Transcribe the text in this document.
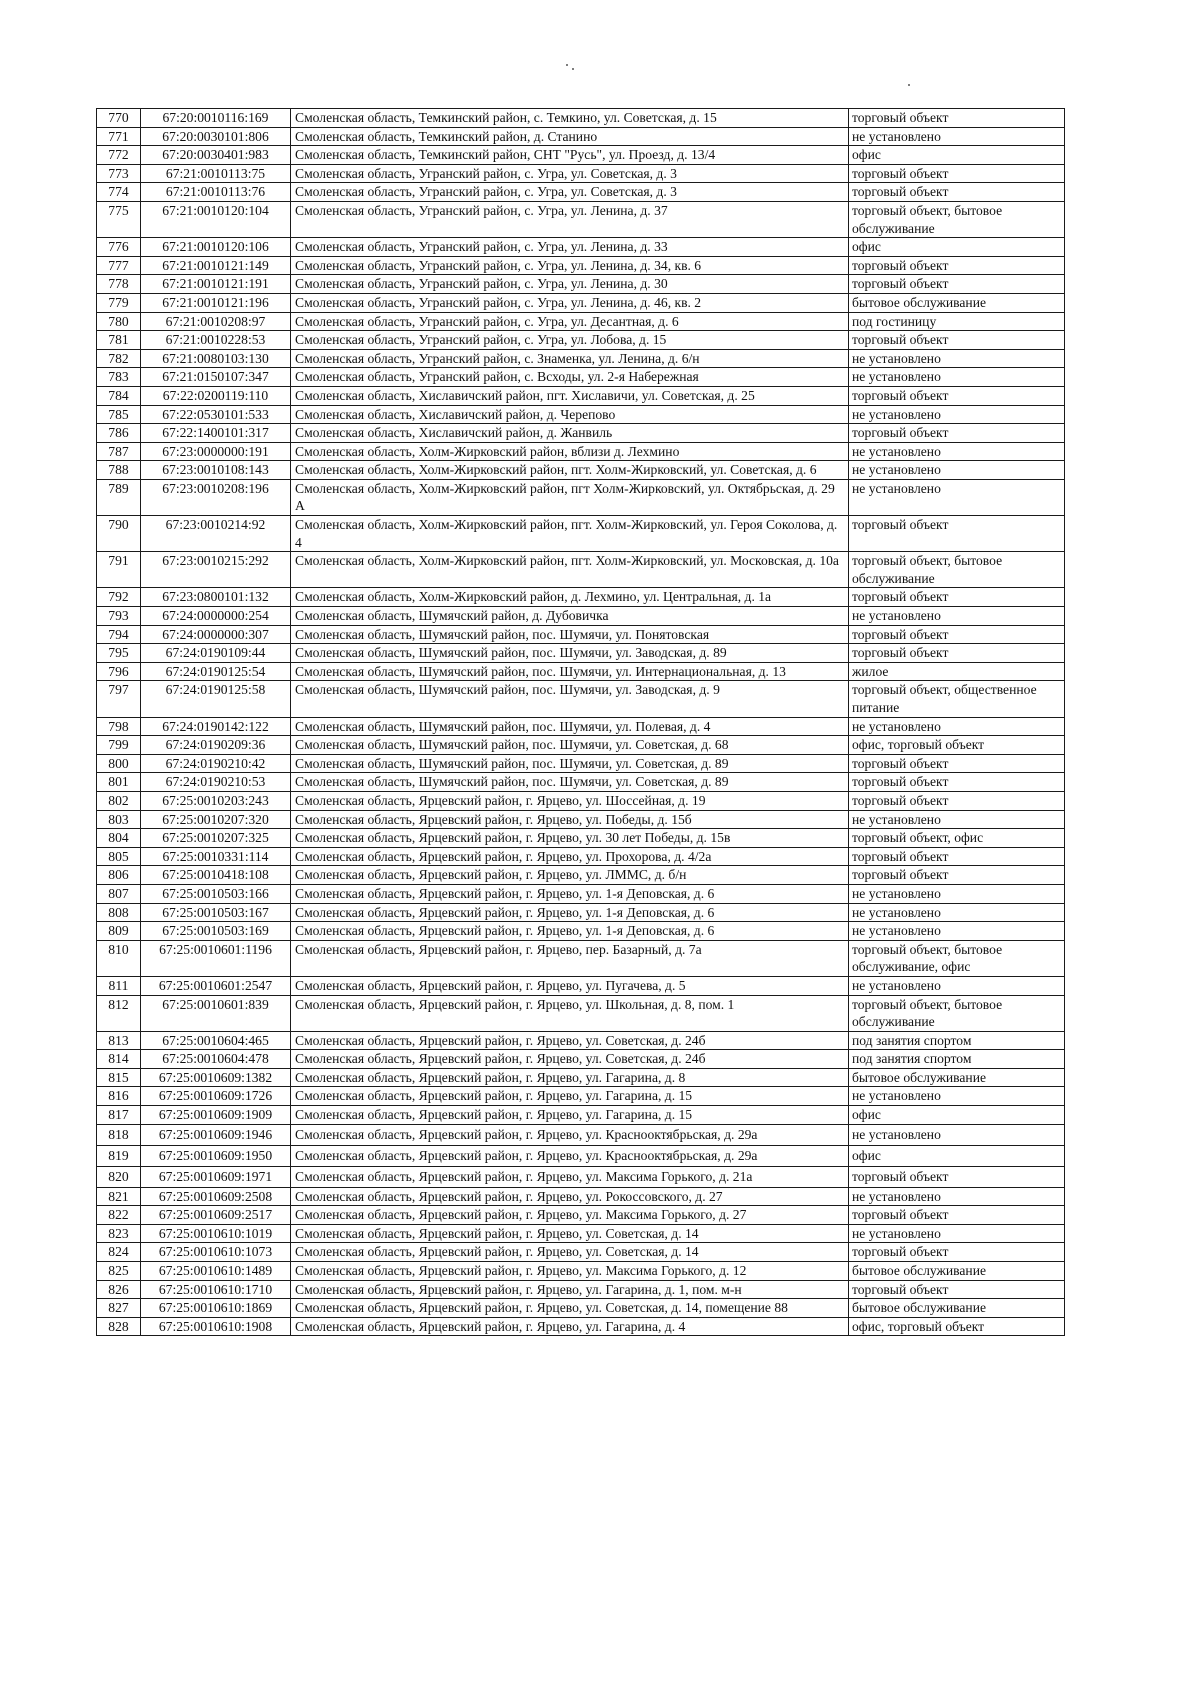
770	67:20:0010116:169	Смоленская область, Темкинский район, с. Темкино, ул. Советская, д. 15	торговый объект
771	67:20:0030101:806	Смоленская область, Темкинский район, д. Станино	не установлено
772	67:20:0030401:983	Смоленская область, Темкинский район, СНТ "Русь", ул. Проезд, д. 13/4	офис
773	67:21:0010113:75	Смоленская область, Угранский район, с. Угра, ул. Советская, д. 3	торговый объект
774	67:21:0010113:76	Смоленская область, Угранский район, с. Угра, ул. Советская, д. 3	торговый объект
775	67:21:0010120:104	Смоленская область, Угранский район, с. Угра, ул. Ленина, д. 37	торговый объект, бытовое обслуживание
776	67:21:0010120:106	Смоленская область, Угранский район, с. Угра, ул. Ленина, д. 33	офис
777	67:21:0010121:149	Смоленская область, Угранский район, с. Угра, ул. Ленина, д. 34, кв. 6	торговый объект
778	67:21:0010121:191	Смоленская область, Угранский район, с. Угра, ул. Ленина, д. 30	торговый объект
779	67:21:0010121:196	Смоленская область, Угранский район, с. Угра, ул. Ленина, д. 46, кв. 2	бытовое обслуживание
780	67:21:0010208:97	Смоленская область, Угранский район, с. Угра, ул. Десантная, д. 6	под гостиницу
781	67:21:0010228:53	Смоленская область, Угранский район, с. Угра, ул. Лобова, д. 15	торговый объект
782	67:21:0080103:130	Смоленская область, Угранский район, с. Знаменка, ул. Ленина, д. 6/н	не установлено
783	67:21:0150107:347	Смоленская область, Угранский район, с. Всходы, ул. 2-я Набережная	не установлено
784	67:22:0200119:110	Смоленская область, Хиславичский район, пгт. Хиславичи, ул. Советская, д. 25	торговый объект
785	67:22:0530101:533	Смоленская область, Хиславичский район, д. Черепово	не установлено
786	67:22:1400101:317	Смоленская область, Хиславичский район, д. Жанвиль	торговый объект
787	67:23:0000000:191	Смоленская область, Холм-Жирковский район, вблизи д. Лехмино	не установлено
788	67:23:0010108:143	Смоленская область, Холм-Жирковский район, пгт. Холм-Жирковский, ул. Советская, д. 6	не установлено
789	67:23:0010208:196	Смоленская область, Холм-Жирковский район, пгт Холм-Жирковский, ул. Октябрьская, д. 29 А	не установлено
790	67:23:0010214:92	Смоленская область, Холм-Жирковский район, пгт. Холм-Жирковский, ул. Героя Соколова, д. 4	торговый объект
791	67:23:0010215:292	Смоленская область, Холм-Жирковский район, пгт. Холм-Жирковский, ул. Московская, д. 10а	торговый объект, бытовое обслуживание
792	67:23:0800101:132	Смоленская область, Холм-Жирковский район, д. Лехмино, ул. Центральная, д. 1а	торговый объект
793	67:24:0000000:254	Смоленская область, Шумячский район, д. Дубовичка	не установлено
794	67:24:0000000:307	Смоленская область, Шумячский район, пос. Шумячи, ул. Понятовская	торговый объект
795	67:24:0190109:44	Смоленская область, Шумячский район, пос. Шумячи, ул. Заводская, д. 89	торговый объект
796	67:24:0190125:54	Смоленская область, Шумячский район, пос. Шумячи, ул. Интернациональная, д. 13	жилое
797	67:24:0190125:58	Смоленская область, Шумячский район, пос. Шумячи, ул. Заводская, д. 9	торговый объект, общественное питание
798	67:24:0190142:122	Смоленская область, Шумячский район, пос. Шумячи, ул. Полевая, д. 4	не установлено
799	67:24:0190209:36	Смоленская область, Шумячский район, пос. Шумячи, ул. Советская, д. 68	офис, торговый объект
800	67:24:0190210:42	Смоленская область, Шумячский район, пос. Шумячи, ул. Советская, д. 89	торговый объект
801	67:24:0190210:53	Смоленская область, Шумячский район, пос. Шумячи, ул. Советская, д. 89	торговый объект
802	67:25:0010203:243	Смоленская область, Ярцевский район, г. Ярцево, ул. Шоссейная, д. 19	торговый объект
803	67:25:0010207:320	Смоленская область, Ярцевский район, г. Ярцево, ул. Победы, д. 15б	не установлено
804	67:25:0010207:325	Смоленская область, Ярцевский район, г. Ярцево, ул. 30 лет Победы, д. 15в	торговый объект, офис
805	67:25:0010331:114	Смоленская область, Ярцевский район, г. Ярцево, ул. Прохорова, д. 4/2а	торговый объект
806	67:25:0010418:108	Смоленская область, Ярцевский район, г. Ярцево, ул. ЛММС, д. б/н	торговый объект
807	67:25:0010503:166	Смоленская область, Ярцевский район, г. Ярцево, ул. 1-я Деповская, д. 6	не установлено
808	67:25:0010503:167	Смоленская область, Ярцевский район, г. Ярцево, ул. 1-я Деповская, д. 6	не установлено
809	67:25:0010503:169	Смоленская область, Ярцевский район, г. Ярцево, ул. 1-я Деповская, д. 6	не установлено
810	67:25:0010601:1196	Смоленская область, Ярцевский район, г. Ярцево, пер. Базарный, д. 7а	торговый объект, бытовое обслуживание, офис
811	67:25:0010601:2547	Смоленская область, Ярцевский район, г. Ярцево, ул. Пугачева, д. 5	не установлено
812	67:25:0010601:839	Смоленская область, Ярцевский район, г. Ярцево, ул. Школьная, д. 8, пом. 1	торговый объект, бытовое обслуживание
813	67:25:0010604:465	Смоленская область, Ярцевский район, г. Ярцево, ул. Советская, д. 24б	под занятия спортом
814	67:25:0010604:478	Смоленская область, Ярцевский район, г. Ярцево, ул. Советская, д. 24б	под занятия спортом
815	67:25:0010609:1382	Смоленская область, Ярцевский район, г. Ярцево, ул. Гагарина, д. 8	бытовое обслуживание
816	67:25:0010609:1726	Смоленская область, Ярцевский район, г. Ярцево, ул. Гагарина, д. 15	не установлено
817	67:25:0010609:1909	Смоленская область, Ярцевский район, г. Ярцево, ул. Гагарина, д. 15	офис
818	67:25:0010609:1946	Смоленская область, Ярцевский район, г. Ярцево, ул. Краснооктябрьская, д. 29а	не установлено
819	67:25:0010609:1950	Смоленская область, Ярцевский район, г. Ярцево, ул. Краснооктябрьская, д. 29а	офис
820	67:25:0010609:1971	Смоленская область, Ярцевский район, г. Ярцево, ул. Максима Горького, д. 21а	торговый объект
821	67:25:0010609:2508	Смоленская область, Ярцевский район, г. Ярцево, ул. Рокоссовского, д. 27	не установлено
822	67:25:0010609:2517	Смоленская область, Ярцевский район, г. Ярцево, ул. Максима Горького, д. 27	торговый объект
823	67:25:0010610:1019	Смоленская область, Ярцевский район, г. Ярцево, ул. Советская, д. 14	не установлено
824	67:25:0010610:1073	Смоленская область, Ярцевский район, г. Ярцево, ул. Советская, д. 14	торговый объект
825	67:25:0010610:1489	Смоленская область, Ярцевский район, г. Ярцево, ул. Максима Горького, д. 12	бытовое обслуживание
826	67:25:0010610:1710	Смоленская область, Ярцевский район, г. Ярцево, ул. Гагарина, д. 1, пом. м-н	торговый объект
827	67:25:0010610:1869	Смоленская область, Ярцевский район, г. Ярцево, ул. Советская, д. 14, помещение 88	бытовое обслуживание
828	67:25:0010610:1908	Смоленская область, Ярцевский район, г. Ярцево, ул. Гагарина, д. 4	офис, торговый объект
